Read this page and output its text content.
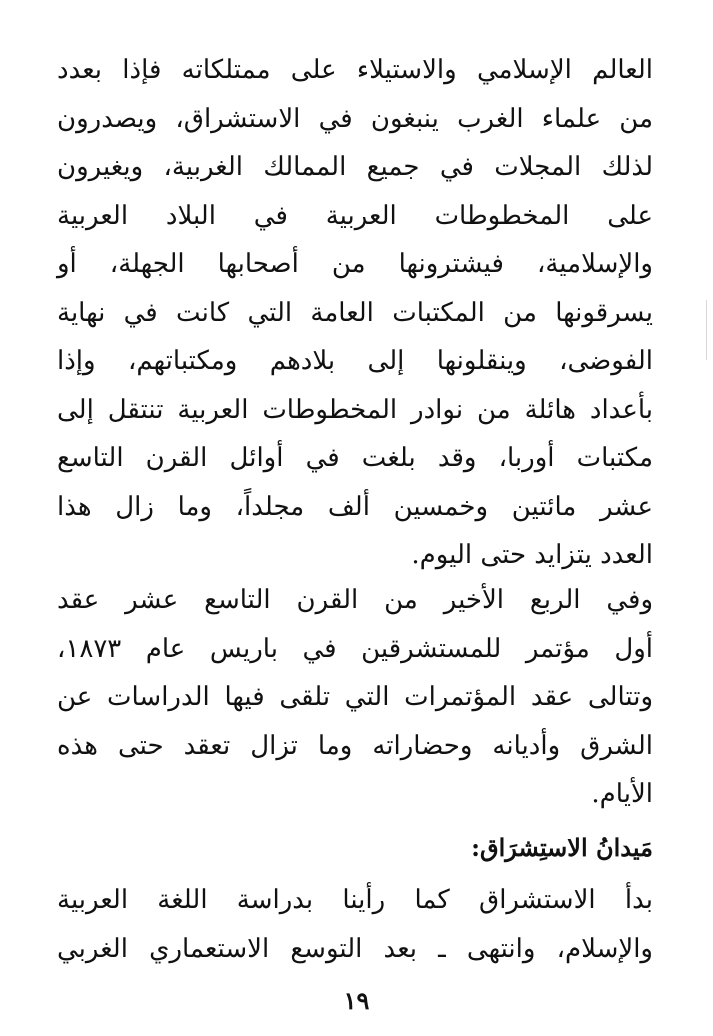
العالم الإسلامي والاستيلاء على ممتلكاته فإذا بعدد
من علماء الغرب ينبغون في الاستشراق، ويصدرون
لذلك المجلات في جميع الممالك الغربية، ويغيرون
على المخطوطات العربية في البلاد العربية
والإسلامية، فيشترونها من أصحابها الجهلة، أو
يسرقونها من المكتبات العامة التي كانت في نهاية
الفوضى، وينقلونها إلى بلادهم ومكتباتهم، وإذا
بأعداد هائلة من نوادر المخطوطات العربية تنتقل إلى
مكتبات أوربا، وقد بلغت في أوائل القرن التاسع
عشر مائتين وخمسين ألف مجلداً، وما زال هذا
العدد يتزايد حتى اليوم.
وفي الربع الأخير من القرن التاسع عشر عقد
أول مؤتمر للمستشرقين في باريس عام ١٨٧٣،
وتتالى عقد المؤتمرات التي تلقى فيها الدراسات عن
الشرق وأديانه وحضاراته وما تزال تعقد حتى هذه
الأيام.
مَيدانُ الاستِشرَاق:
بدأ الاستشراق كما رأينا بدراسة اللغة العربية
والإسلام، وانتهى ـ بعد التوسع الاستعماري الغربي
١٩
